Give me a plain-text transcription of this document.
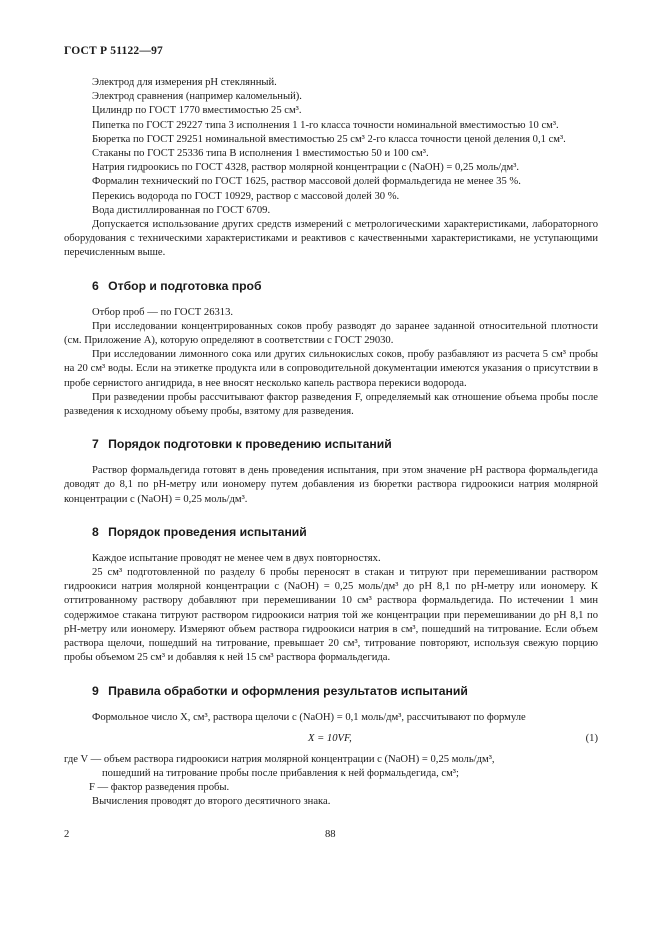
ГОСТ Р 51122—97

Электрод для измерения рН стеклянный.

Электрод сравнения (например каломельный).

Цилиндр по ГОСТ 1770 вместимостью 25 см³.

Пипетка по ГОСТ 29227 типа 3 исполнения 1 1-го класса точности номинальной вместимостью 10 см³.

Бюретка по ГОСТ 29251 номинальной вместимостью 25 см³ 2-го класса точности ценой деления 0,1 см³.

Стаканы по ГОСТ 25336 типа В исполнения 1 вместимостью 50 и 100 см³.

Натрия гидроокись по ГОСТ 4328, раствор молярной концентрации c (NaOH) = 0,25 моль/дм³.

Формалин технический по ГОСТ 1625, раствор массовой долей формальдегида не менее 35 %.

Перекись водорода по ГОСТ 10929, раствор с массовой долей 30 %.

Вода дистиллированная по ГОСТ 6709.

Допускается использование других средств измерений с метрологическими характеристиками, лабораторного оборудования с техническими характеристиками и реактивов с качественными характеристиками, не уступающими перечисленным выше.

6 Отбор и подготовка проб

Отбор проб — по ГОСТ 26313.

При исследовании концентрированных соков пробу разводят до заранее заданной относительной плотности (см. Приложение А), которую определяют в соответствии с ГОСТ 29030.

При исследовании лимонного сока или других сильнокислых соков, пробу разбавляют из расчета 5 см³ пробы на 20 см³ воды. Если на этикетке продукта или в сопроводительной документации имеются указания о присутствии в пробе сернистого ангидрида, в нее вносят несколько капель раствора перекиси водорода.

При разведении пробы рассчитывают фактор разведения F, определяемый как отношение объема пробы после разведения к исходному объему пробы, взятому для разведения.

7 Порядок подготовки к проведению испытаний

Раствор формальдегида готовят в день проведения испытания, при этом значение рН раствора формальдегида доводят до 8,1 по рН-метру или иономеру путем добавления из бюретки раствора гидроокиси натрия молярной концентрации c (NaOH) = 0,25 моль/дм³.

8 Порядок проведения испытаний

Каждое испытание проводят не менее чем в двух повторностях.

25 см³ подготовленной по разделу 6 пробы переносят в стакан и титруют при перемешивании раствором гидроокиси натрия молярной концентрации c (NaOH) = 0,25 моль/дм³ до рН 8,1 по рН-метру или иономеру. К оттитрованному раствору добавляют при перемешивании 10 см³ раствора формальдегида. По истечении 1 мин содержимое стакана титруют раствором гидроокиси натрия той же концентрации при перемешивании до рН 8,1 по рН-метру или иономеру. Измеряют объем раствора гидроокиси натрия в см³, пошедший на титрование. Если объем раствора щелочи, пошедший на титрование, превышает 20 см³, титрование повторяют, используя свежую порцию пробы объемом 25 см³ и добавляя к ней 15 см³ раствора формальдегида.

9 Правила обработки и оформления результатов испытаний

Формольное число X, см³, раствора щелочи c (NaOH) = 0,1 моль/дм³, рассчитывают по формуле

X = 10VF,	(1)

где V — объем раствора гидроокиси натрия молярной концентрации c (NaOH) = 0,25 моль/дм³,

пошедший на титрование пробы после прибавления к ней формальдегида, см³;

F — фактор разведения пробы.

Вычисления проводят до второго десятичного знака.

2	88
